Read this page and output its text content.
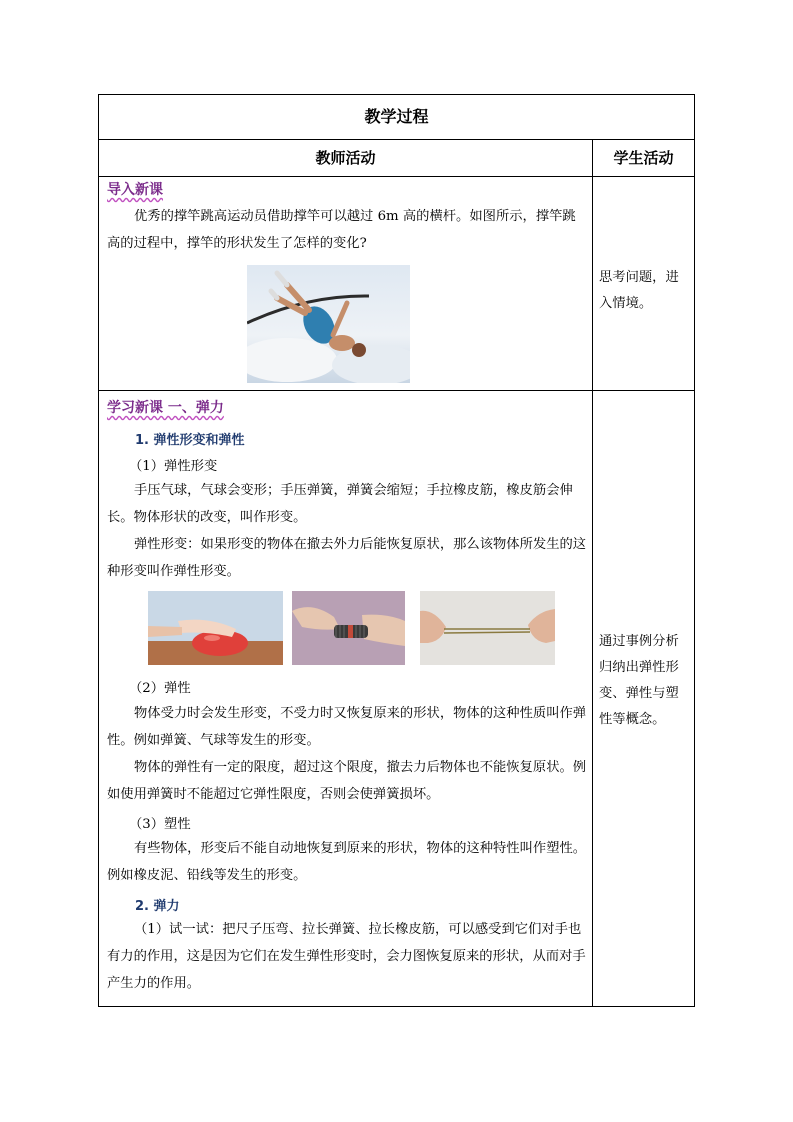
教学过程
教师活动	学生活动
导入新课

优秀的撑竿跳高运动员借助撑竿可以越过 6m 高的横杆。如图所示，撑竿跳高的过程中，撑竿的形状发生了怎样的变化?

思考问题，进入情境。
学习新课 一、弹力
1. 弹性形变和弹性
（1）弹性形变

手压气球，气球会变形；手压弹簧，弹簧会缩短；手拉橡皮筋，橡皮筋会伸长。物体形状的改变，叫作形变。

弹性形变：如果形变的物体在撤去外力后能恢复原状，那么该物体所发生的这种形变叫作弹性形变。

（2）弹性

物体受力时会发生形变，不受力时又恢复原来的形状，物体的这种性质叫作弹性。例如弹簧、气球等发生的形变。

物体的弹性有一定的限度，超过这个限度，撤去力后物体也不能恢复原状。例如使用弹簧时不能超过它弹性限度，否则会使弹簧损坏。

（3）塑性

有些物体，形变后不能自动地恢复到原来的形状，物体的这种特性叫作塑性。例如橡皮泥、铅线等发生的形变。

2. 弹力

（1）试一试：把尺子压弯、拉长弹簧、拉长橡皮筋，可以感受到它们对手也有力的作用，这是因为它们在发生弹性形变时，会力图恢复原来的形状，从而对手产生力的作用。

通过事例分析归纳出弹性形变、弹性与塑性等概念。
